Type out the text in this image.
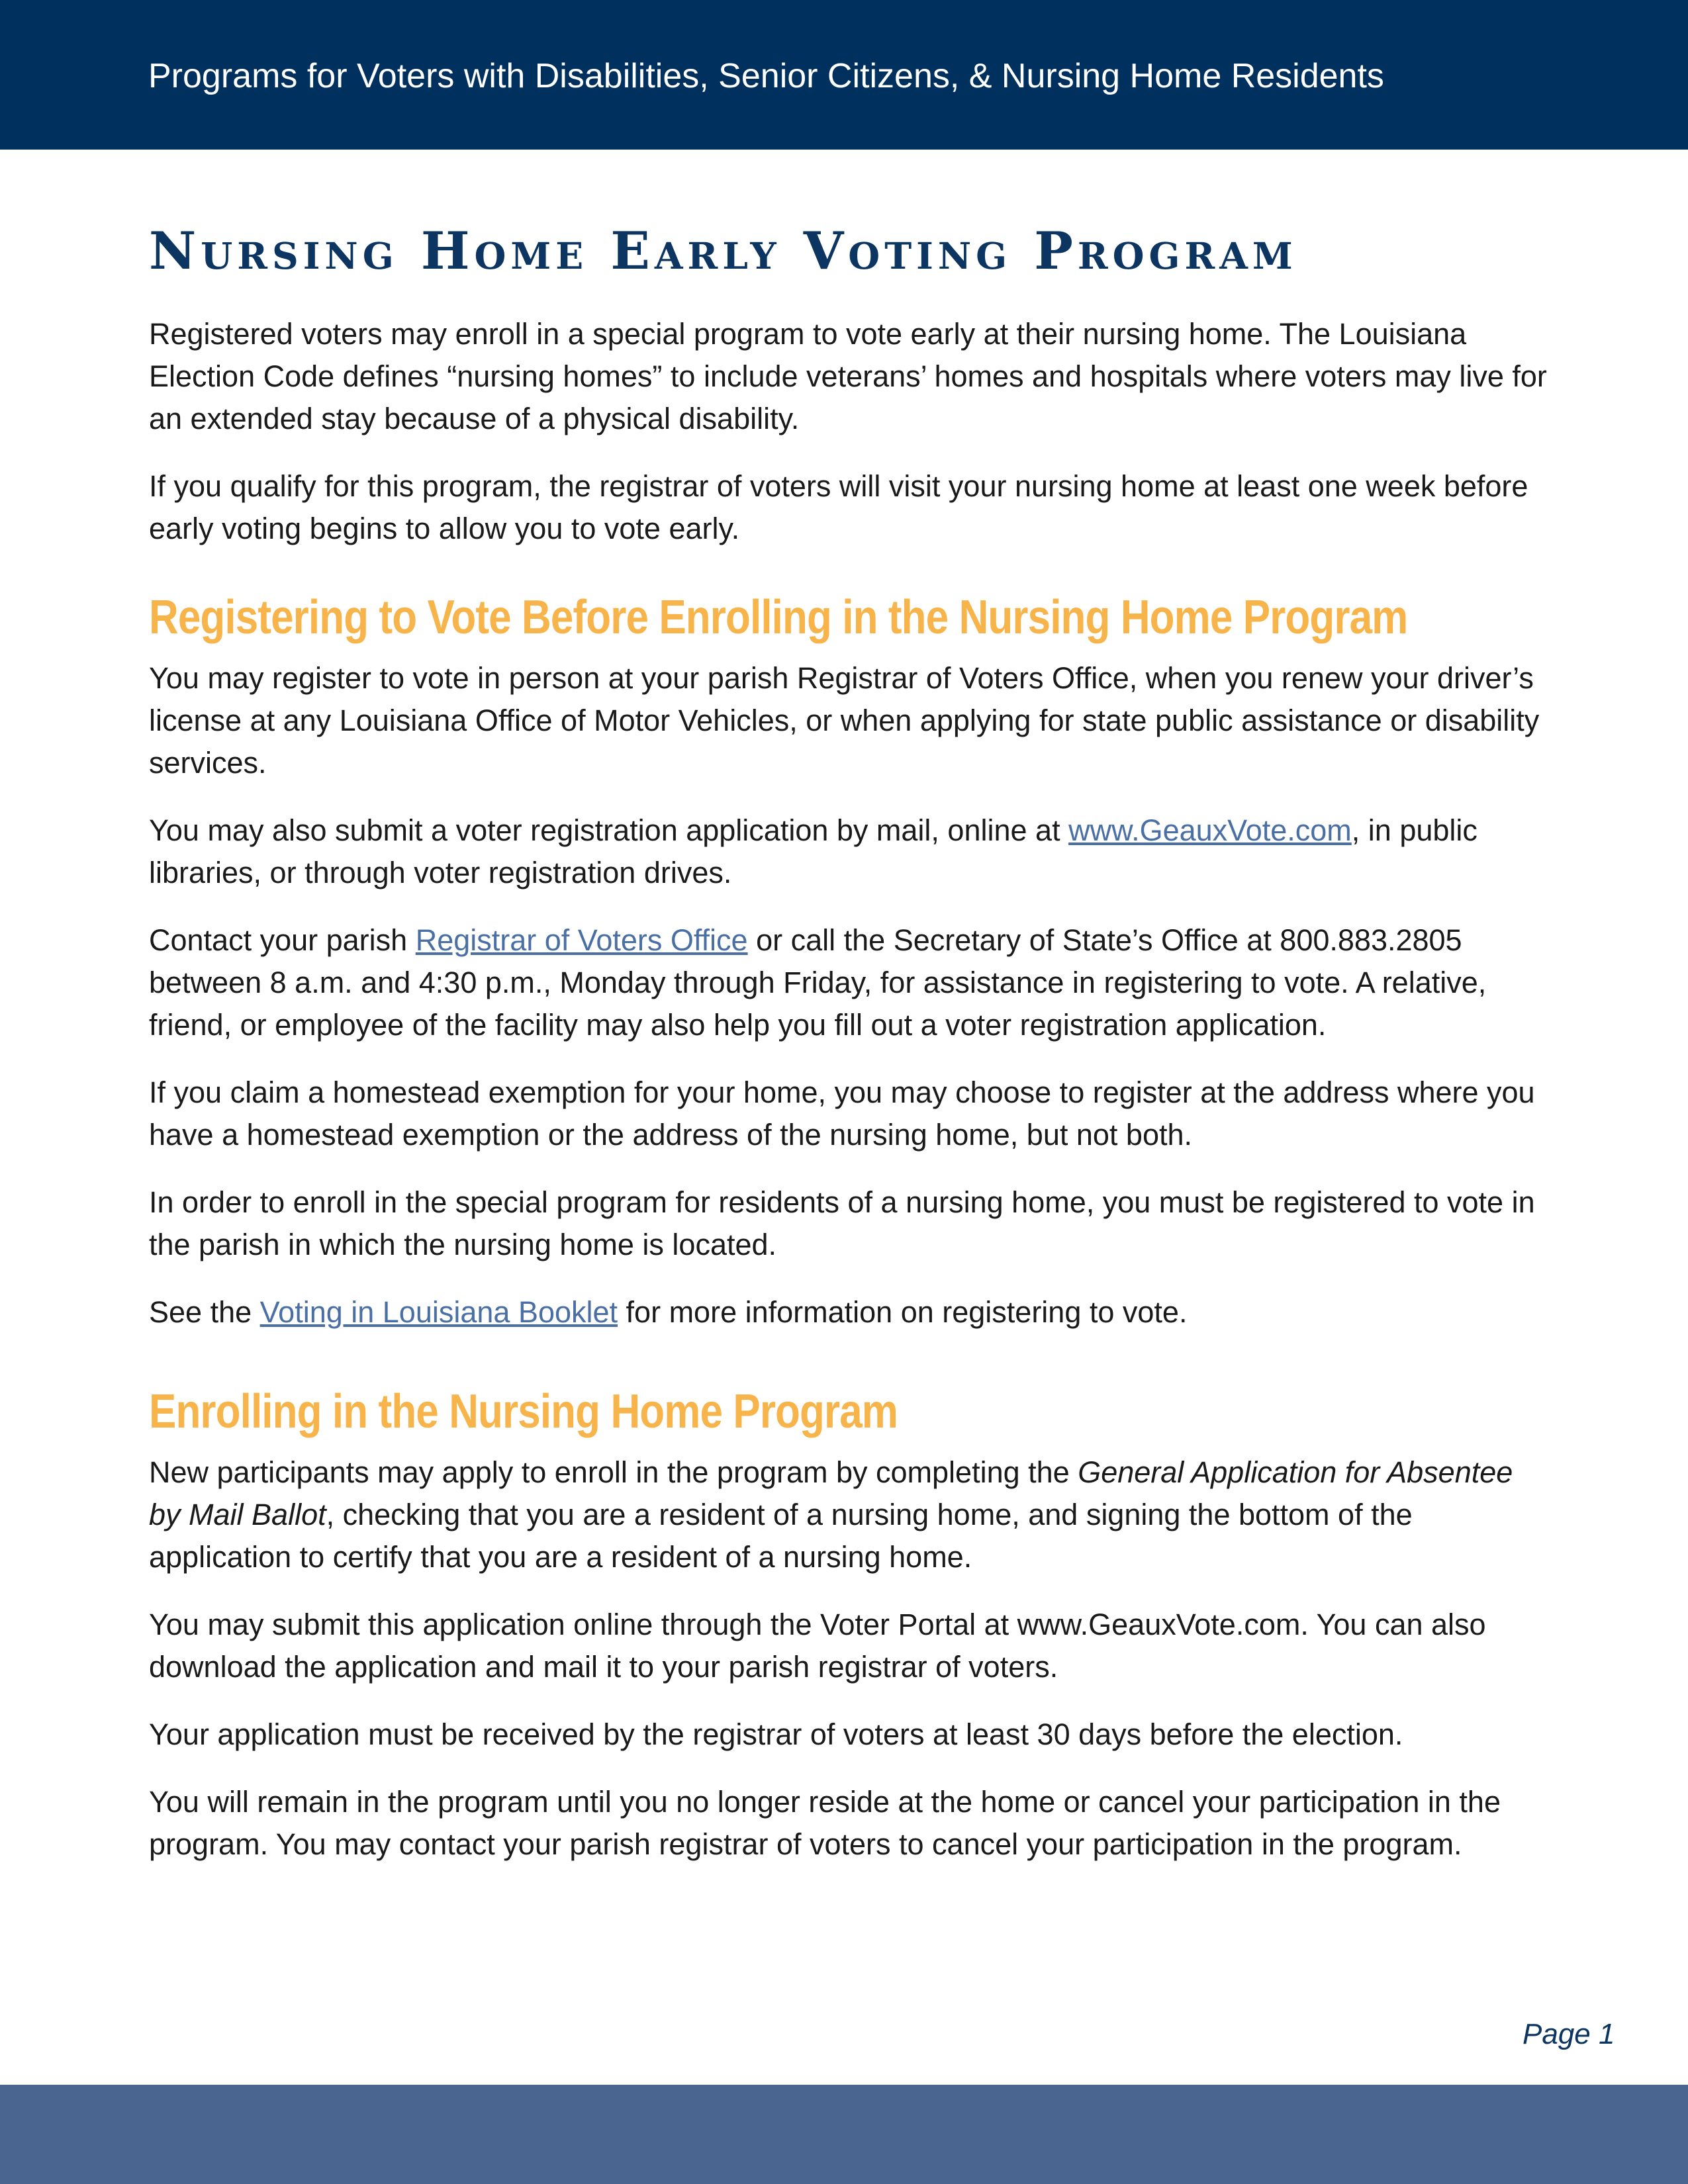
Programs for Voters with Disabilities, Senior Citizens, & Nursing Home Residents
Nursing Home Early Voting Program

Registered voters may enroll in a special program to vote early at their nursing home. The Louisiana Election Code defines “nursing homes” to include veterans’ homes and hospitals where voters may live for an extended stay because of a physical disability.

If you qualify for this program, the registrar of voters will visit your nursing home at least one week before early voting begins to allow you to vote early.

Registering to Vote Before Enrolling in the Nursing Home Program

You may register to vote in person at your parish Registrar of Voters Office, when you renew your driver’s license at any Louisiana Office of Motor Vehicles, or when applying for state public assistance or disability services.

You may also submit a voter registration application by mail, online at www.GeauxVote.com, in public libraries, or through voter registration drives.

Contact your parish Registrar of Voters Office or call the Secretary of State’s Office at 800.883.2805 between 8 a.m. and 4:30 p.m., Monday through Friday, for assistance in registering to vote. A relative, friend, or employee of the facility may also help you fill out a voter registration application.

If you claim a homestead exemption for your home, you may choose to register at the address where you have a homestead exemption or the address of the nursing home, but not both.

In order to enroll in the special program for residents of a nursing home, you must be registered to vote in the parish in which the nursing home is located.

See the Voting in Louisiana Booklet for more information on registering to vote.

Enrolling in the Nursing Home Program

New participants may apply to enroll in the program by completing the General Application for Absentee by Mail Ballot, checking that you are a resident of a nursing home, and signing the bottom of the application to certify that you are a resident of a nursing home.

You may submit this application online through the Voter Portal at www.GeauxVote.com. You can also download the application and mail it to your parish registrar of voters.

Your application must be received by the registrar of voters at least 30 days before the election.

You will remain in the program until you no longer reside at the home or cancel your participation in the program. You may contact your parish registrar of voters to cancel your participation in the program.

Page 1
